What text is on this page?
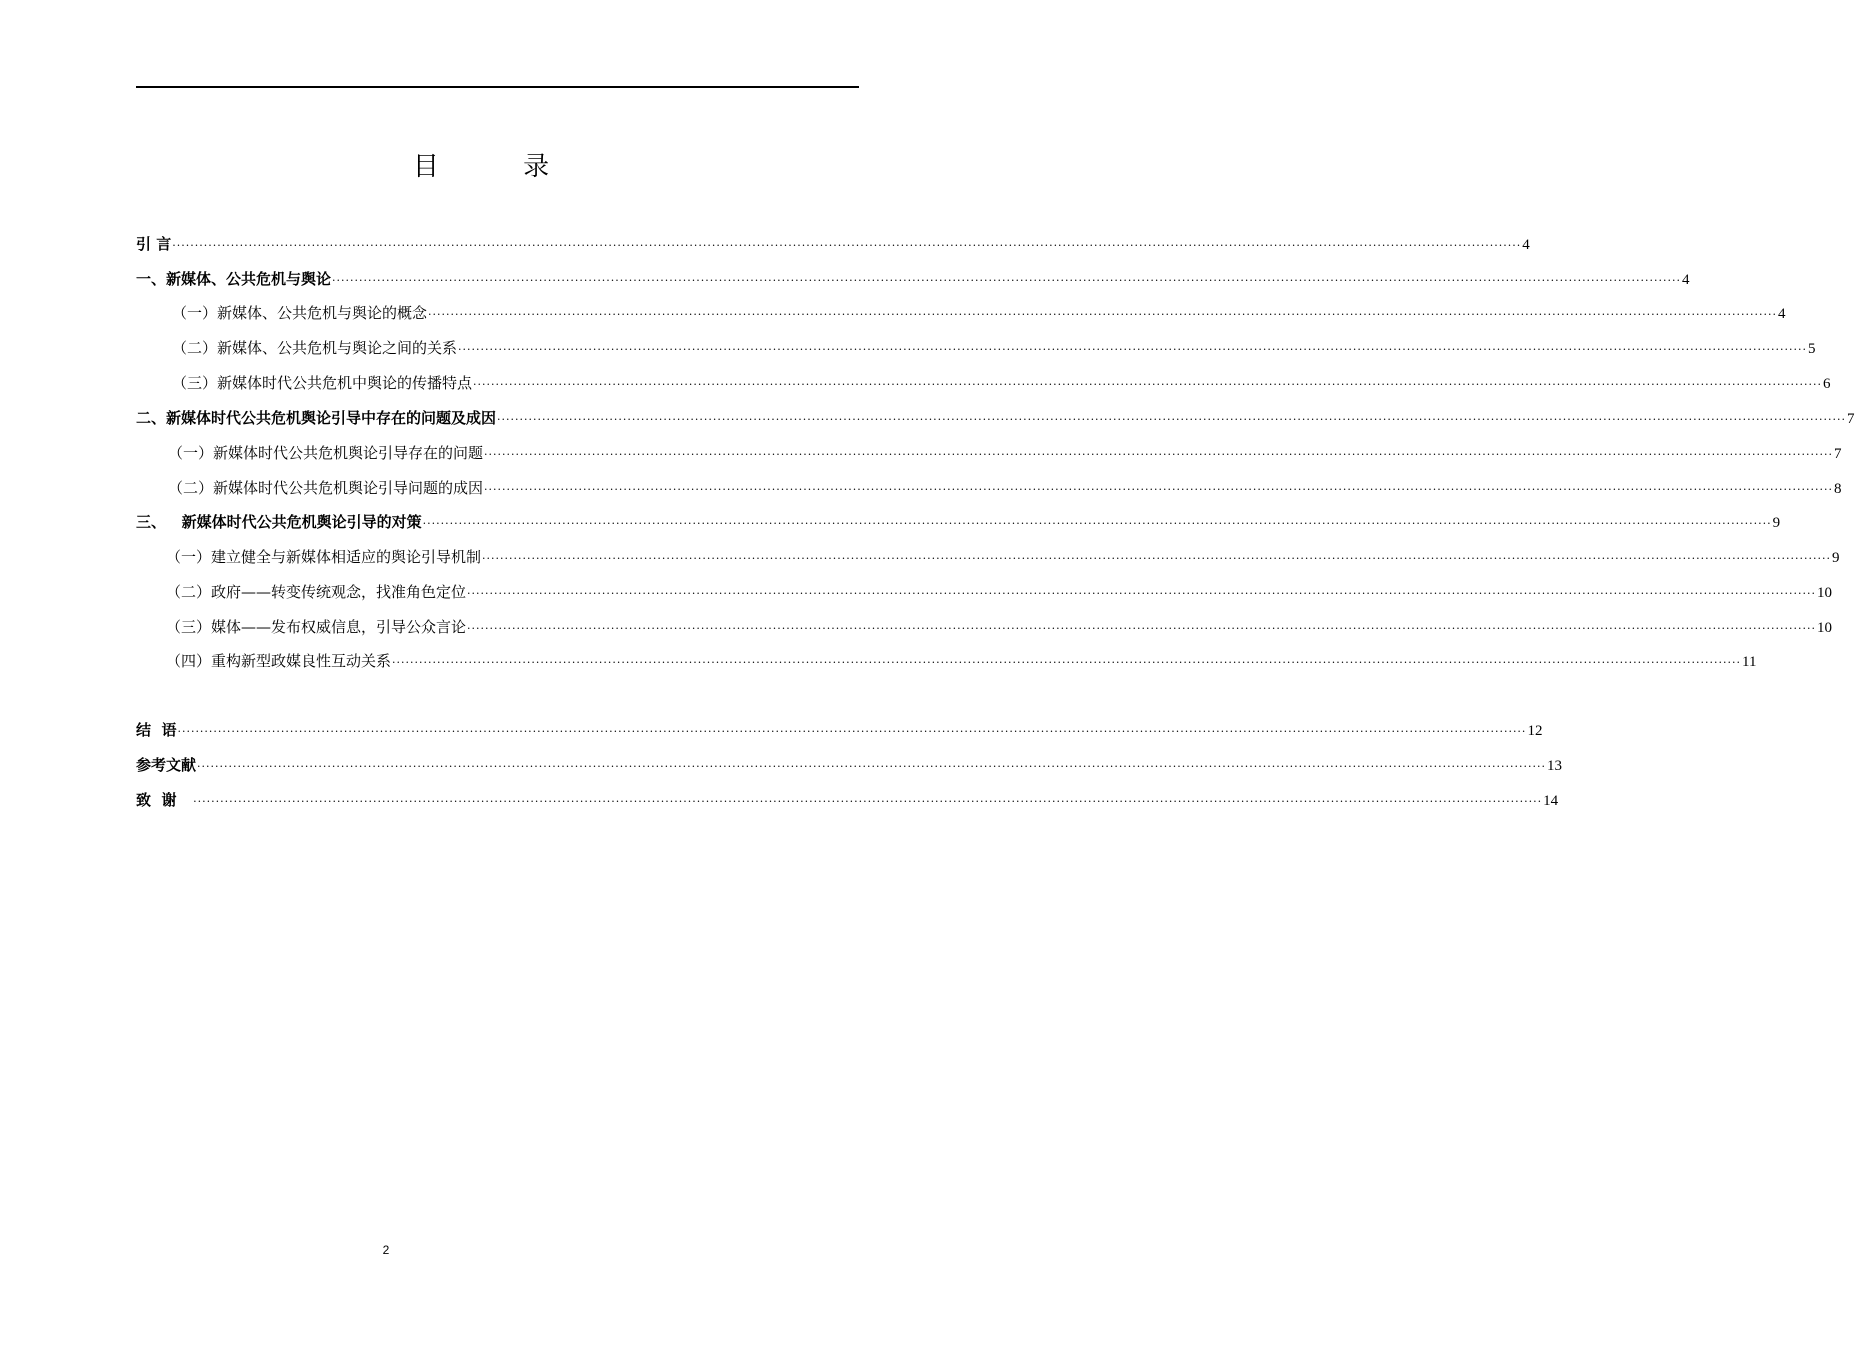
目 录
引 言 ············································································································································································································································································································ 4
一、新媒体、公共危机与舆论 ············································································································································································································································································································ 4
（一）新媒体、公共危机与舆论的概念 ············································································································································································································································································································ 4
（二）新媒体、公共危机与舆论之间的关系 ············································································································································································································································································································ 5
（三）新媒体时代公共危机中舆论的传播特点 ············································································································································································································································································································ 6
二、新媒体时代公共危机舆论引导中存在的问题及成因 ············································································································································································································································································································ 7
（一）新媒体时代公共危机舆论引导存在的问题 ············································································································································································································································································································ 7
（二）新媒体时代公共危机舆论引导问题的成因 ············································································································································································································································································································ 8
三、   新媒体时代公共危机舆论引导的对策 ············································································································································································································································································································ 9
（一）建立健全与新媒体相适应的舆论引导机制 ············································································································································································································································································································ 9
（二）政府——转变传统观念，找准角色定位 ············································································································································································································································································································ 10
（三）媒体——发布权威信息，引导公众言论 ············································································································································································································································································································ 10
（四）重构新型政媒良性互动关系 ············································································································································································································································································································ 11
结  语 ············································································································································································································································································································ 12
参考文献 ············································································································································································································································································································ 13
致  谢 ············································································································································································································································································································ 14
2
